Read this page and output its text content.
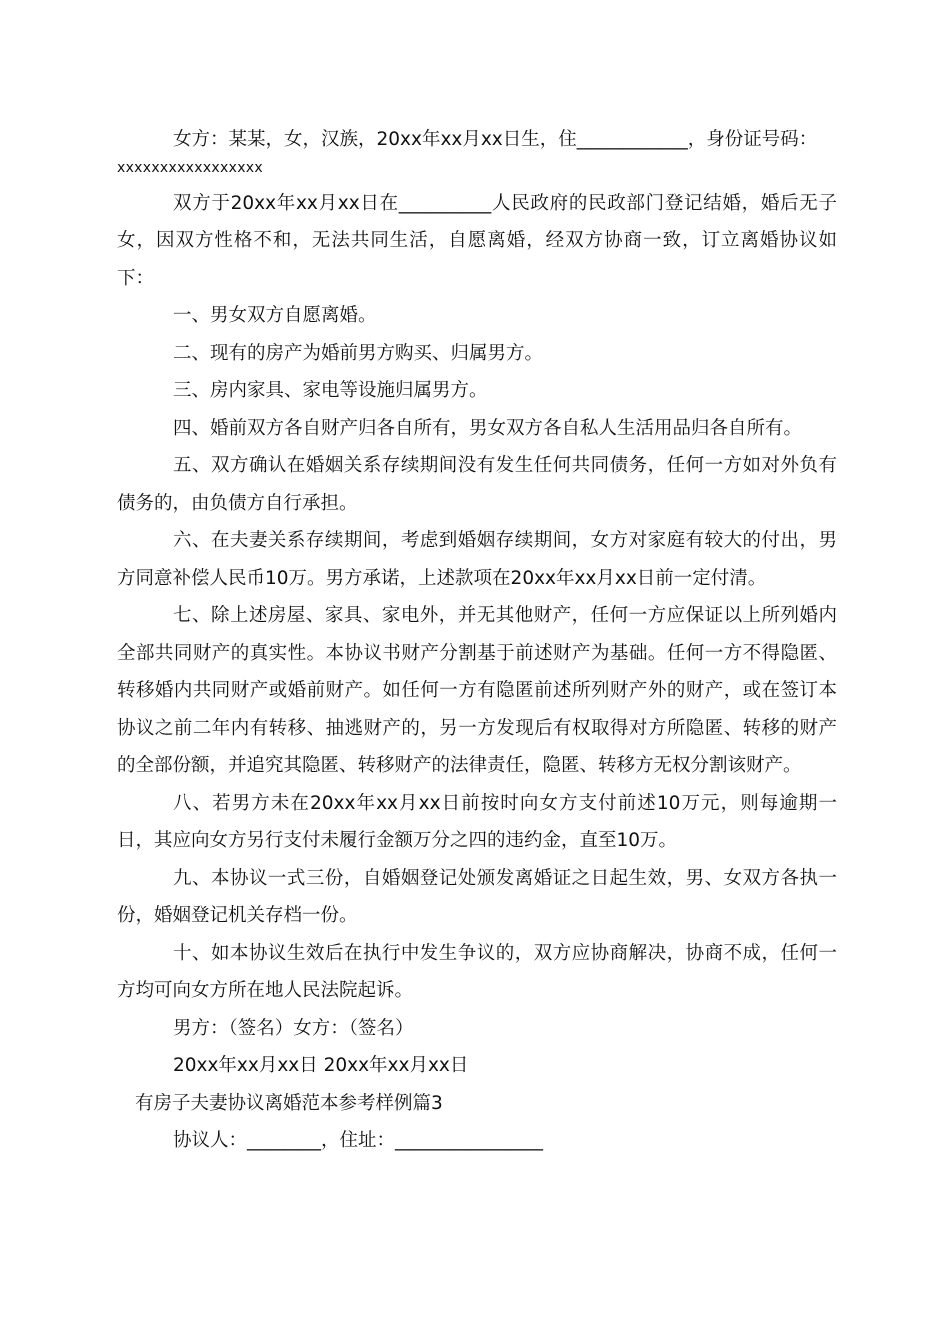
女方：某某，女，汉族，20xx年xx月xx日生，住____________，身份证号码：

xxxxxxxxxxxxxxxxx

双方于20xx年xx月xx日在__________人民政府的民政部门登记结婚，婚后无子女，因双方性格不和，无法共同生活，自愿离婚，经双方协商一致，订立离婚协议如下：

一、男女双方自愿离婚。

二、现有的房产为婚前男方购买、归属男方。

三、房内家具、家电等设施归属男方。

四、婚前双方各自财产归各自所有，男女双方各自私人生活用品归各自所有。

五、双方确认在婚姻关系存续期间没有发生任何共同债务，任何一方如对外负有债务的，由负债方自行承担。

六、在夫妻关系存续期间，考虑到婚姻存续期间，女方对家庭有较大的付出，男方同意补偿人民币10万。男方承诺，上述款项在20xx年xx月xx日前一定付清。

七、除上述房屋、家具、家电外，并无其他财产，任何一方应保证以上所列婚内全部共同财产的真实性。本协议书财产分割基于前述财产为基础。任何一方不得隐匿、转移婚内共同财产或婚前财产。如任何一方有隐匿前述所列财产外的财产，或在签订本协议之前二年内有转移、抽逃财产的，另一方发现后有权取得对方所隐匿、转移的财产的全部份额，并追究其隐匿、转移财产的法律责任，隐匿、转移方无权分割该财产。

八、若男方未在20xx年xx月xx日前按时向女方支付前述10万元，则每逾期一日，其应向女方另行支付未履行金额万分之四的违约金，直至10万。

九、本协议一式三份，自婚姻登记处颁发离婚证之日起生效，男、女双方各执一份，婚姻登记机关存档一份。

十、如本协议生效后在执行中发生争议的，双方应协商解决，协商不成，任何一方均可向女方所在地人民法院起诉。

男方：（签名）女方：（签名）

20xx年xx月xx日 20xx年xx月xx日

有房子夫妻协议离婚范本参考样例篇3

协议人：________，住址：________________
